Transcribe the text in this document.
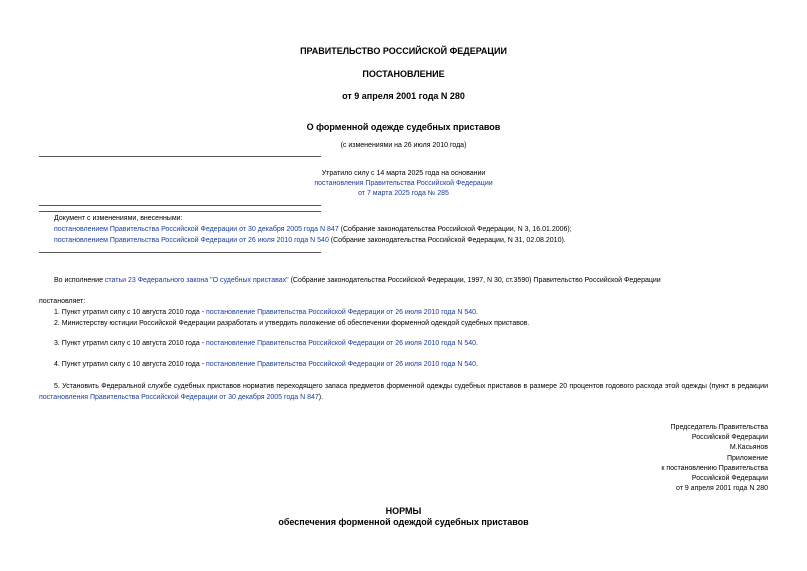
ПРАВИТЕЛЬСТВО РОССИЙСКОЙ ФЕДЕРАЦИИ
ПОСТАНОВЛЕНИЕ
от 9 апреля 2001 года N 280
О форменной одежде судебных приставов
(с изменениями на 26 июля 2010 года)
Утратило силу с 14 марта 2025 года на основании
постановления Правительства Российской Федерации
от 7 марта 2025 года № 285
Документ с изменениями, внесенными:
постановлением Правительства Российской Федерации от 30 декабря 2005 года N 847 (Собрание законодательства Российской Федерации, N 3, 16.01.2006);
постановлением Правительства Российской Федерации от 26 июля 2010 года N 540 (Собрание законодательства Российской Федерации, N 31, 02.08.2010).
Во исполнение статьи 23 Федерального закона "О судебных приставах" (Собрание законодательства Российской Федерации, 1997, N 30, ст.3590) Правительство Российской Федерации
постановляет:
1. Пункт утратил силу с 10 августа 2010 года - постановление Правительства Российской Федерации от 26 июля 2010 года N 540.
2. Министерству юстиции Российской Федерации разработать и утвердить положение об обеспечении форменной одеждой судебных приставов.
3. Пункт утратил силу с 10 августа 2010 года - постановление Правительства Российской Федерации от 26 июля 2010 года N 540.
4. Пункт утратил силу с 10 августа 2010 года - постановление Правительства Российской Федерации от 26 июля 2010 года N 540.
5. Установить Федеральной службе судебных приставов норматив переходящего запаса предметов форменной одежды судебных приставов в размере 20 процентов годового расхода этой одежды (пункт в редакции постановления Правительства Российской Федерации от 30 декабря 2005 года N 847).
Председатель Правительства
Российской Федерации
М.Касьянов
Приложение
к постановлению Правительства
Российской Федерации
от 9 апреля 2001 года N 280
НОРМЫ
обеспечения форменной одеждой судебных приставов
